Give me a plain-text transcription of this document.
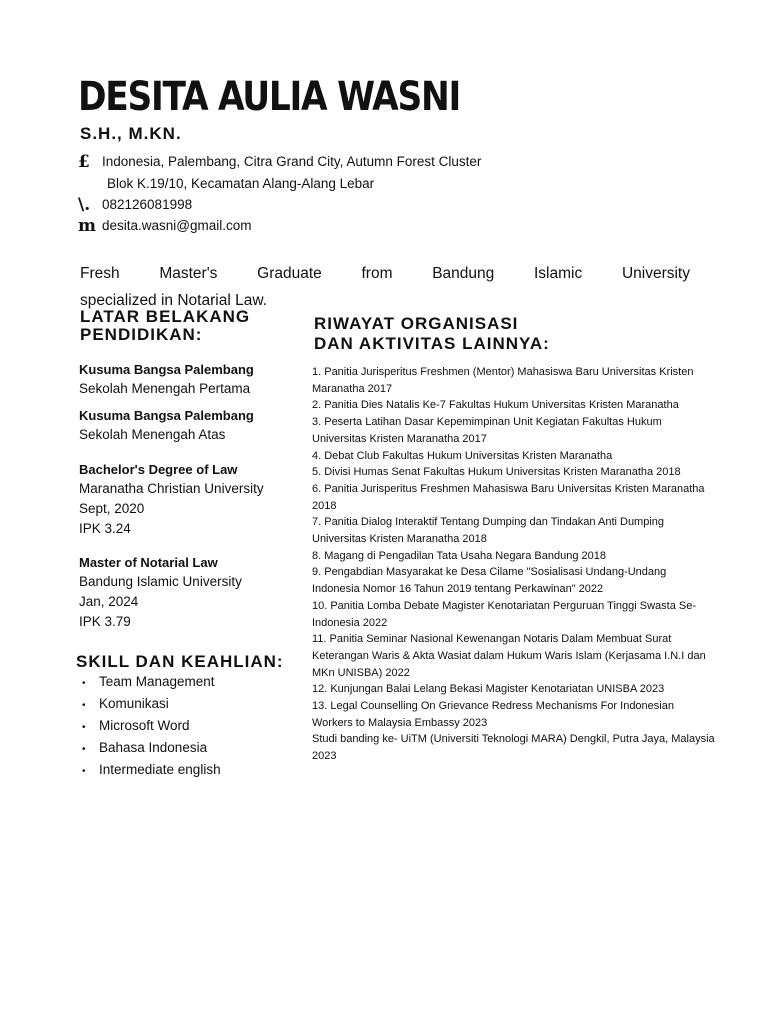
DESITA AULIA WASNI
S.H., M.KN.
£ Indonesia, Palembang, Citra Grand City, Autumn Forest Cluster
Blok K.19/10, Kecamatan Alang-Alang Lebar
\. 082126081998
m desita.wasni@gmail.com
Fresh Master's Graduate from Bandung Islamic University
specialized in Notarial Law.
LATAR BELAKANG PENDIDIKAN:
Kusuma Bangsa Palembang
Sekolah Menengah Pertama
Kusuma Bangsa Palembang
Sekolah Menengah Atas
Bachelor's Degree of Law
Maranatha Christian University
Sept, 2020
IPK 3.24
Master of Notarial Law
Bandung Islamic University
Jan, 2024
IPK 3.79
SKILL DAN KEAHLIAN:
• Team Management
• Komunikasi
• Microsoft Word
• Bahasa Indonesia
• Intermediate english
RIWAYAT ORGANISASI
DAN AKTIVITAS LAINNYA:
1. Panitia Jurisperitus Freshmen (Mentor) Mahasiswa Baru Universitas Kristen Maranatha 2017
2. Panitia Dies Natalis Ke-7 Fakultas Hukum Universitas Kristen Maranatha
3. Peserta Latihan Dasar Kepemimpinan Unit Kegiatan Fakultas Hukum Universitas Kristen Maranatha 2017
4. Debat Club Fakultas Hukum Universitas Kristen Maranatha
5. Divisi Humas Senat Fakultas Hukum Universitas Kristen Maranatha 2018
6. Panitia Jurisperitus Freshmen Mahasiswa Baru Universitas Kristen Maranatha 2018
7. Panitia Dialog Interaktif Tentang Dumping dan Tindakan Anti Dumping Universitas Kristen Maranatha 2018
8. Magang di Pengadilan Tata Usaha Negara Bandung 2018
9. Pengabdian Masyarakat ke Desa Cilame "Sosialisasi Undang-Undang Indonesia Nomor 16 Tahun 2019 tentang Perkawinan" 2022
10. Panitia Lomba Debate Magister Kenotariatan Perguruan Tinggi Swasta Se-Indonesia 2022
11. Panitia Seminar Nasional Kewenangan Notaris Dalam Membuat Surat Keterangan Waris & Akta Wasiat dalam Hukum Waris Islam (Kerjasama I.N.I dan MKn UNISBA) 2022
12. Kunjungan Balai Lelang Bekasi Magister Kenotariatan UNISBA 2023
13. Legal Counselling On Grievance Redress Mechanisms For Indonesian Workers to Malaysia Embassy 2023
Studi banding ke- UiTM (Universiti Teknologi MARA) Dengkil, Putra Jaya, Malaysia 2023
